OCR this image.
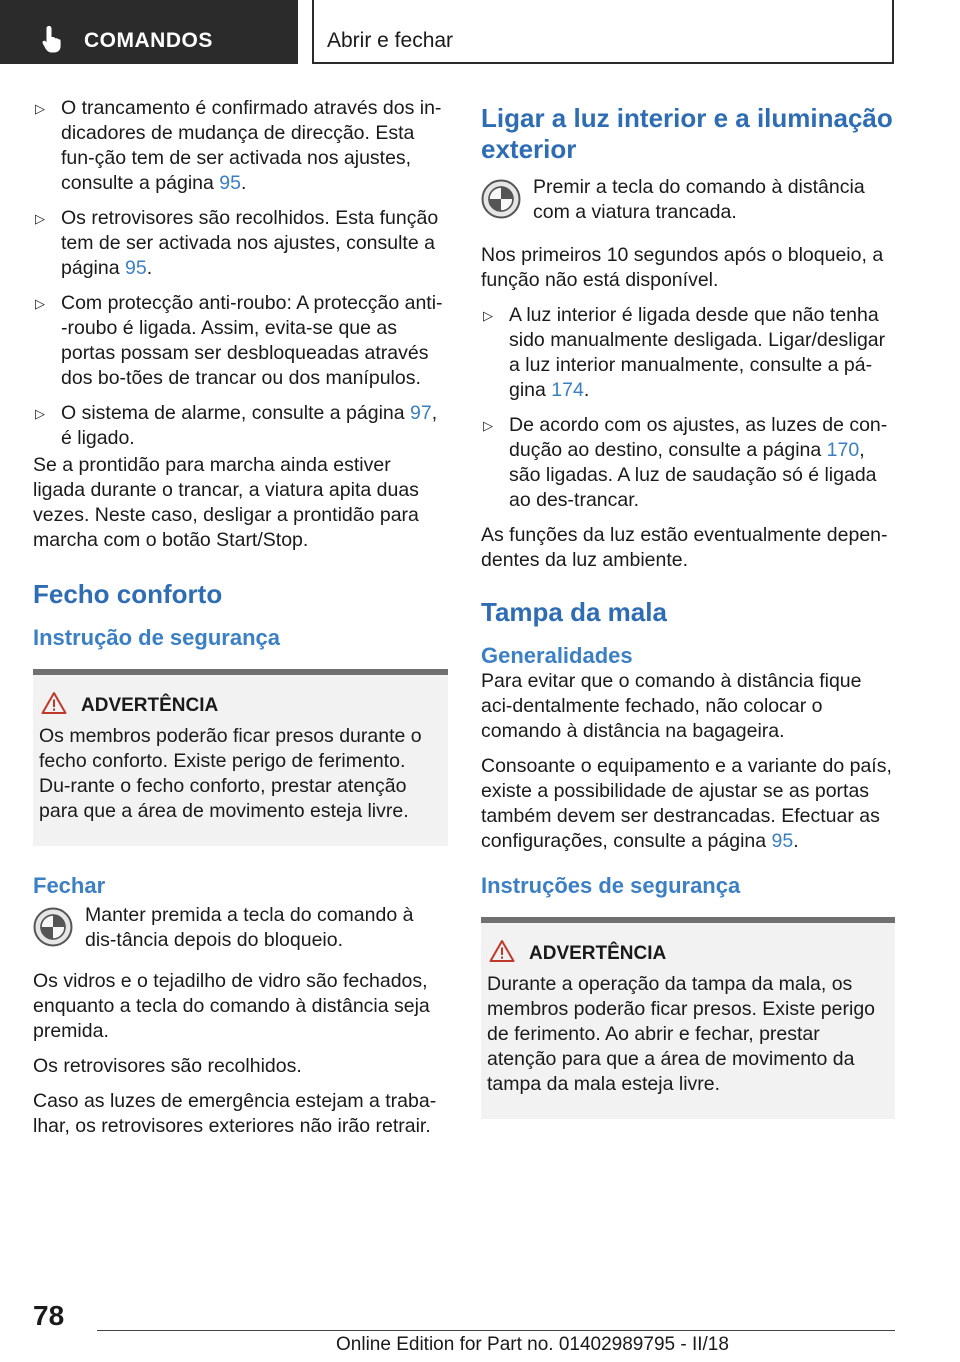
COMANDOS	Abrir e fechar
▷ O trancamento é confirmado através dos in-dicadores de mudança de direcção. Esta fun-ção tem de ser activada nos ajustes, consulte a página 95.
▷ Os retrovisores são recolhidos. Esta função tem de ser activada nos ajustes, consulte a página 95.
▷ Com protecção anti-roubo: A protecção anti--roubo é ligada. Assim, evita-se que as portas possam ser desbloqueadas através dos bo-tões de trancar ou dos manípulos.
▷ O sistema de alarme, consulte a página 97, é ligado.

Se a prontidão para marcha ainda estiver ligada durante o trancar, a viatura apita duas vezes. Neste caso, desligar a prontidão para marcha com o botão Start/Stop.

Fecho conforto
Instrução de segurança
ADVERTÊNCIA

Os membros poderão ficar presos durante o fecho conforto. Existe perigo de ferimento. Du-rante o fecho conforto, prestar atenção para que a área de movimento esteja livre.

Fechar
Manter premida a tecla do comando à dis-tância depois do bloqueio.

Os vidros e o tejadilho de vidro são fechados, enquanto a tecla do comando à distância seja premida.

Os retrovisores são recolhidos.

Caso as luzes de emergência estejam a traba-lhar, os retrovisores exteriores não irão retrair.

Ligar a luz interior e a iluminação exterior
Premir a tecla do comando à distância com a viatura trancada.

Nos primeiros 10 segundos após o bloqueio, a função não está disponível.

▷ A luz interior é ligada desde que não tenha sido manualmente desligada. Ligar/desligar a luz interior manualmente, consulte a pá-gina 174.
▷ De acordo com os ajustes, as luzes de con-dução ao destino, consulte a página 170, são ligadas. A luz de saudação só é ligada ao des-trancar.

As funções da luz estão eventualmente depen-dentes da luz ambiente.

Tampa da mala
Generalidades

Para evitar que o comando à distância fique aci-dentalmente fechado, não colocar o comando à distância na bagageira.

Consoante o equipamento e a variante do país, existe a possibilidade de ajustar se as portas também devem ser destrancadas. Efectuar as configurações, consulte a página 95.

Instruções de segurança
ADVERTÊNCIA

Durante a operação da tampa da mala, os membros poderão ficar presos. Existe perigo de ferimento. Ao abrir e fechar, prestar atenção para que a área de movimento da tampa da mala esteja livre.

78
Online Edition for Part no. 01402989795 - II/18
